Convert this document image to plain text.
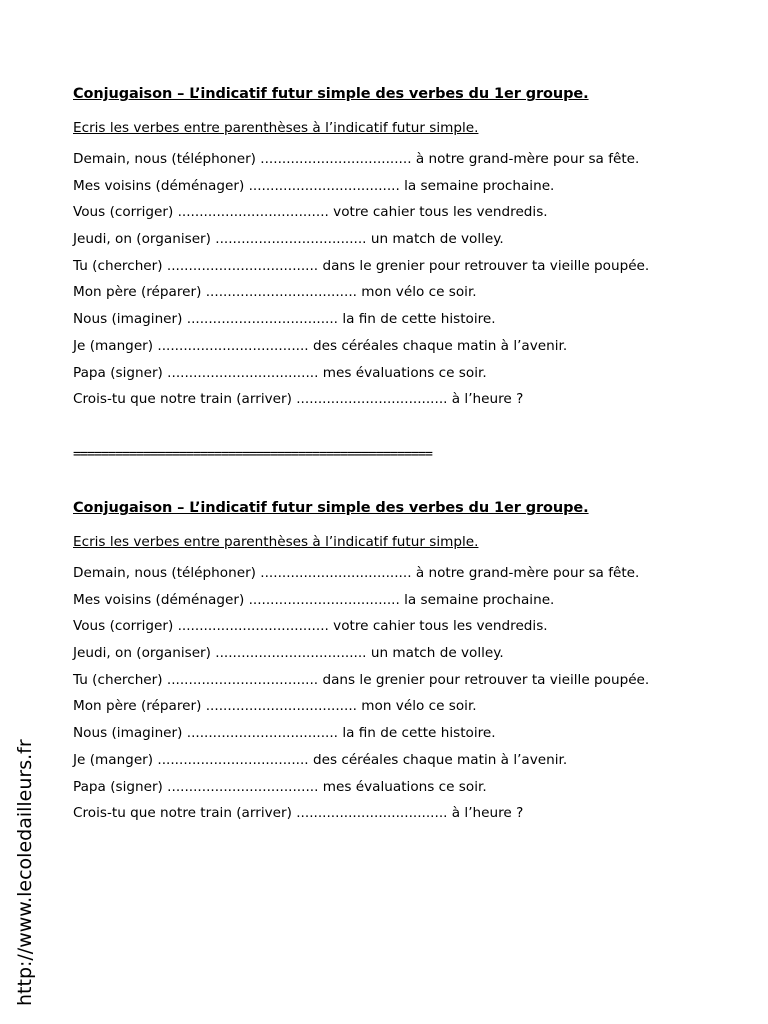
Conjugaison – L’indicatif futur simple des verbes du 1er groupe.
Ecris les verbes entre parenthèses à l’indicatif futur simple.
Demain, nous (téléphoner) ................................... à notre grand-mère pour sa fête.
Mes voisins (déménager) ................................... la semaine prochaine.
Vous (corriger) ................................... votre cahier tous les vendredis.
Jeudi, on (organiser) ................................... un match de volley.
Tu (chercher) ................................... dans le grenier pour retrouver ta vieille poupée.
Mon père (réparer) ................................... mon vélo ce soir.
Nous (imaginer) ................................... la fin de cette histoire.
Je (manger) ................................... des céréales chaque matin à l’avenir.
Papa (signer) ................................... mes évaluations ce soir.
Crois-tu que notre train (arriver) ................................... à l’heure ?
===================================================
Conjugaison – L’indicatif futur simple des verbes du 1er groupe.
Ecris les verbes entre parenthèses à l’indicatif futur simple.
Demain, nous (téléphoner) ................................... à notre grand-mère pour sa fête.
Mes voisins (déménager) ................................... la semaine prochaine.
Vous (corriger) ................................... votre cahier tous les vendredis.
Jeudi, on (organiser) ................................... un match de volley.
Tu (chercher) ................................... dans le grenier pour retrouver ta vieille poupée.
Mon père (réparer) ................................... mon vélo ce soir.
Nous (imaginer) ................................... la fin de cette histoire.
Je (manger) ................................... des céréales chaque matin à l’avenir.
Papa (signer) ................................... mes évaluations ce soir.
Crois-tu que notre train (arriver) ................................... à l’heure ?
http://www.lecoledailleurs.fr
